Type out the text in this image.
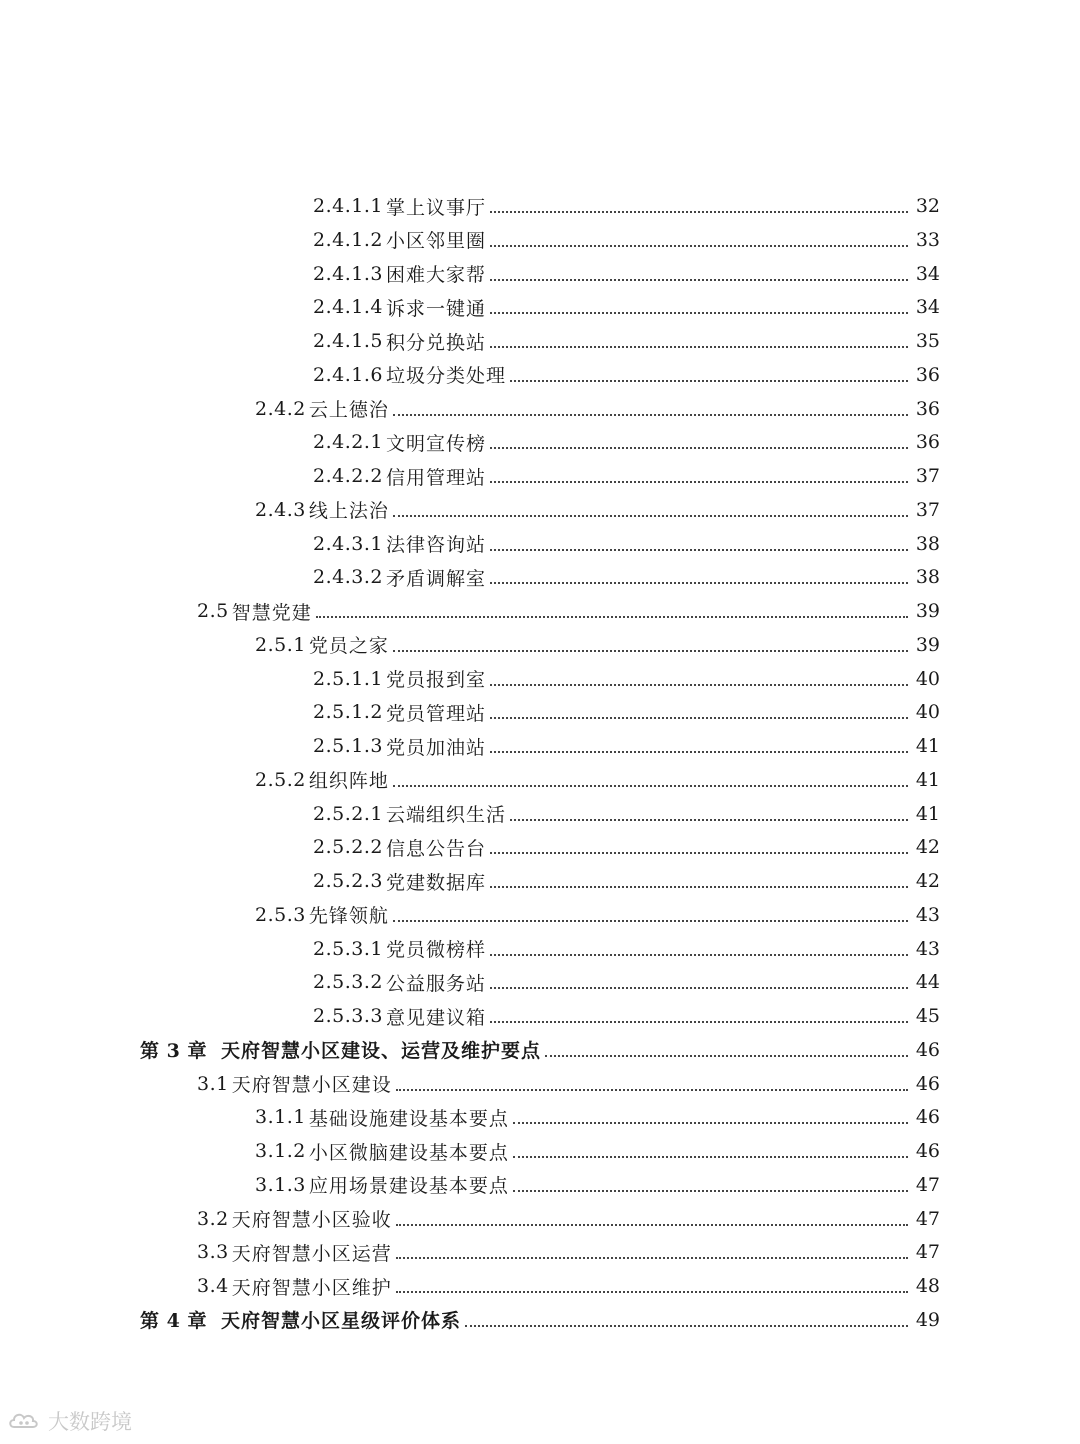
2.4.1.1 掌上议事厅	32
2.4.1.2 小区邻里圈	33
2.4.1.3 困难大家帮	34
2.4.1.4 诉求一键通	34
2.4.1.5 积分兑换站	35
2.4.1.6 垃圾分类处理	36
2.4.2 云上德治	36
2.4.2.1 文明宣传榜	36
2.4.2.2 信用管理站	37
2.4.3 线上法治	37
2.4.3.1 法律咨询站	38
2.4.3.2 矛盾调解室	38
2.5 智慧党建	39
2.5.1 党员之家	39
2.5.1.1 党员报到室	40
2.5.1.2 党员管理站	40
2.5.1.3 党员加油站	41
2.5.2 组织阵地	41
2.5.2.1 云端组织生活	41
2.5.2.2 信息公告台	42
2.5.2.3 党建数据库	42
2.5.3 先锋领航	43
2.5.3.1 党员微榜样	43
2.5.3.2 公益服务站	44
2.5.3.3 意见建议箱	45
第 3 章 天府智慧小区建设、运营及维护要点	46
3.1 天府智慧小区建设	46
3.1.1 基础设施建设基本要点	46
3.1.2 小区微脑建设基本要点	46
3.1.3 应用场景建设基本要点	47
3.2 天府智慧小区验收	47
3.3 天府智慧小区运营	47
3.4 天府智慧小区维护	48
第 4 章 天府智慧小区星级评价体系	49
大数跨境
